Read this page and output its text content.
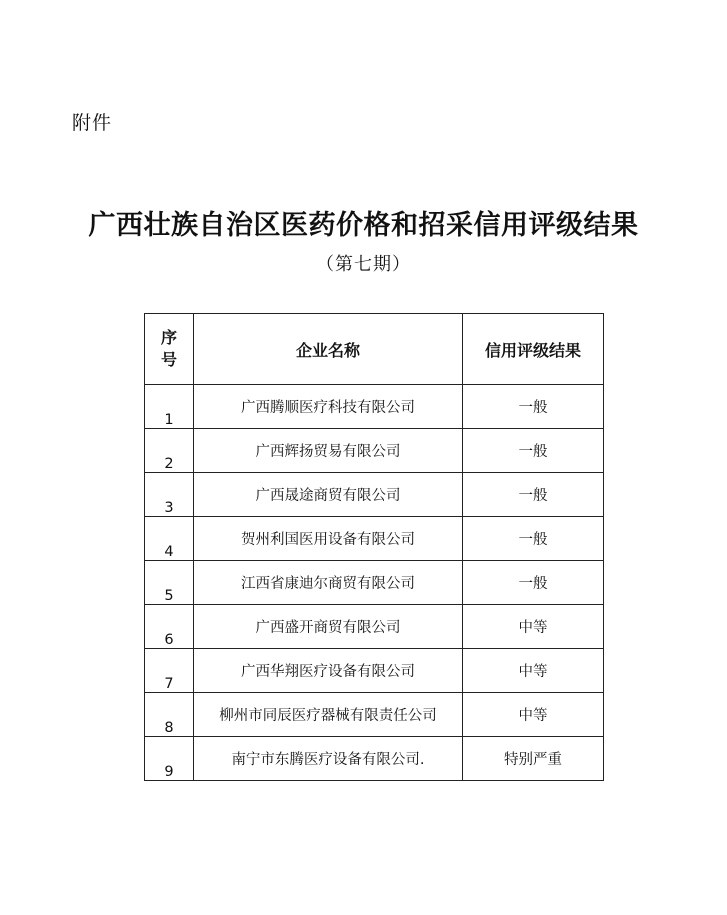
附件
广西壮族自治区医药价格和招采信用评级结果
（第七期）
序
号	企业名称	信用评级结果
1	广西腾顺医疗科技有限公司	一般
2	广西辉扬贸易有限公司	一般
3	广西晟途商贸有限公司	一般
4	贺州利国医用设备有限公司	一般
5	江西省康迪尔商贸有限公司	一般
6	广西盛开商贸有限公司	中等
7	广西华翔医疗设备有限公司	中等
8	柳州市同辰医疗器械有限责任公司	中等
9	南宁市东腾医疗设备有限公司.	特别严重
